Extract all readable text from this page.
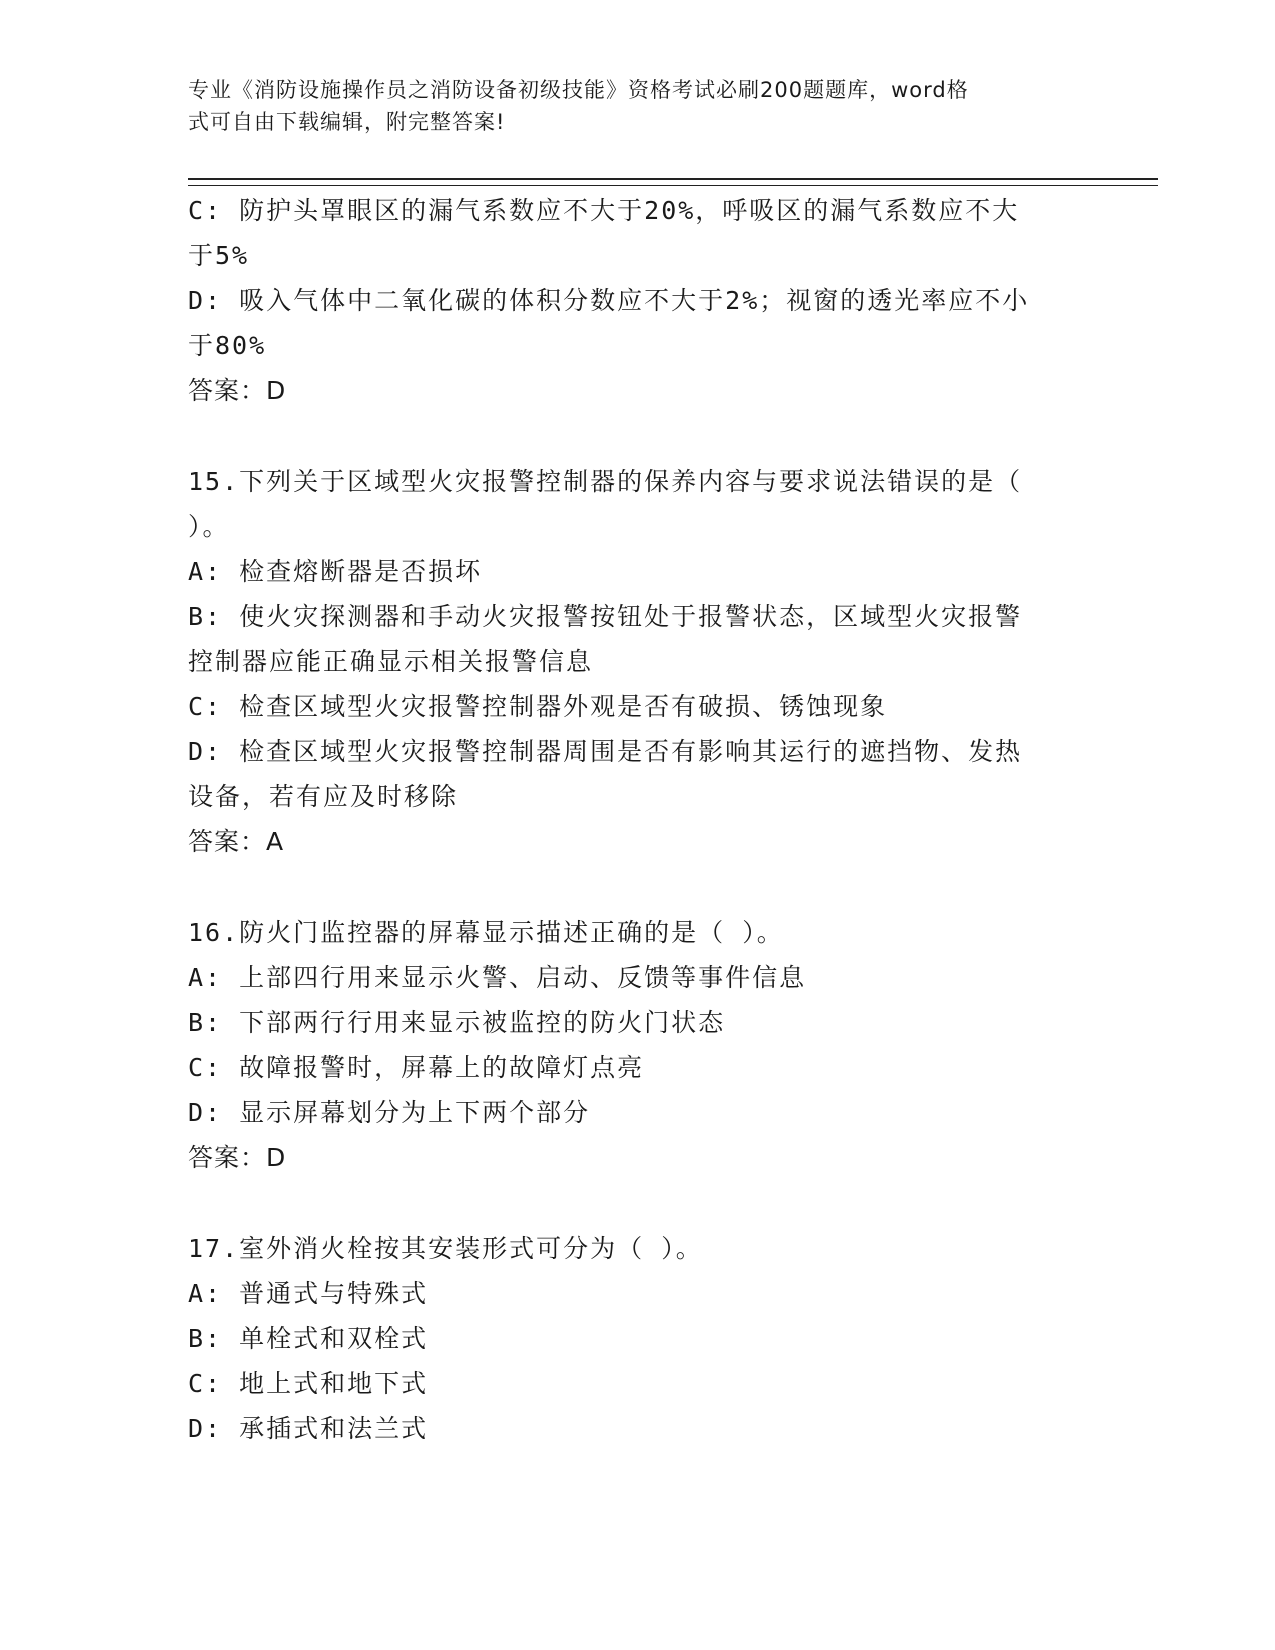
专业《消防设施操作员之消防设备初级技能》资格考试必刷200题题库，word格
式可自由下载编辑，附完整答案!
C: 防护头罩眼区的漏气系数应不大于20%，呼吸区的漏气系数应不大
于5%
D: 吸入气体中二氧化碳的体积分数应不大于2%；视窗的透光率应不小
于80%
答案：D
15.下列关于区域型火灾报警控制器的保养内容与要求说法错误的是（
）。
A: 检查熔断器是否损坏
B: 使火灾探测器和手动火灾报警按钮处于报警状态，区域型火灾报警
控制器应能正确显示相关报警信息
C: 检查区域型火灾报警控制器外观是否有破损、锈蚀现象
D: 检查区域型火灾报警控制器周围是否有影响其运行的遮挡物、发热
设备，若有应及时移除
答案：A
16.防火门监控器的屏幕显示描述正确的是（ ）。
A: 上部四行用来显示火警、启动、反馈等事件信息
B: 下部两行行用来显示被监控的防火门状态
C: 故障报警时，屏幕上的故障灯点亮
D: 显示屏幕划分为上下两个部分
答案：D
17.室外消火栓按其安装形式可分为（ ）。
A: 普通式与特殊式
B: 单栓式和双栓式
C: 地上式和地下式
D: 承插式和法兰式
